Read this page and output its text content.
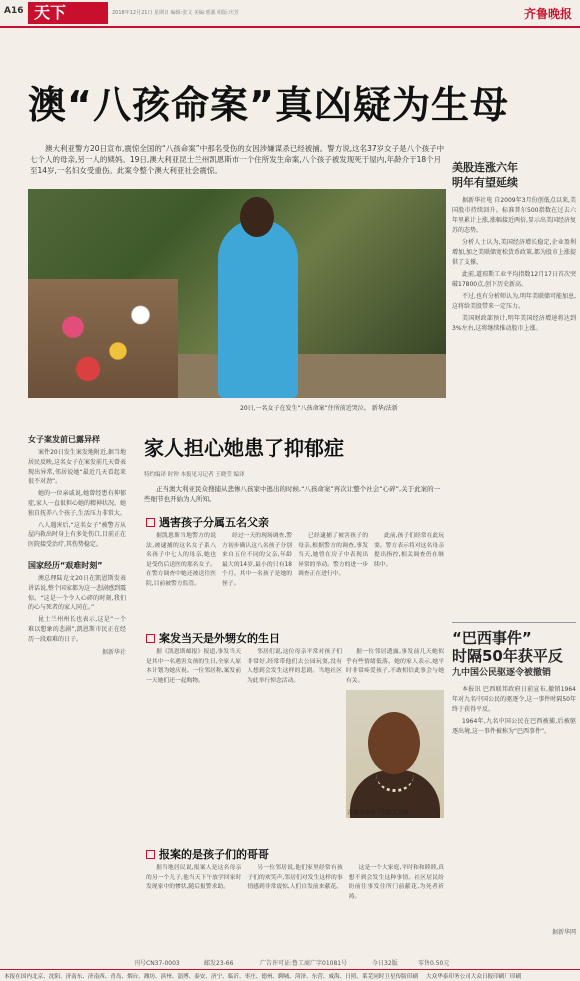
A16 天下	2018年12月21日 星期日 编辑:张文 美编:邢强 组版:庆芳	齐鲁晚报
澳“八孩命案”真凶疑为生母

澳大利亚警方20日宣布,震惊全国的“八孩命案”中那名受伤的女因涉嫌谋杀已经被捕。警方说,这名37岁女子是八个孩子中七个人的母亲,另一人的姨妈。19日,澳大利亚昆士兰州凯恩斯市一个住所发生命案,八个孩子被发现死于屋内,年龄介于18个月至14岁,一名妇女受重伤。此案令整个澳大利亚社会震惊。

20日,一名女子在发生“八孩命案”住所前近哭泣。 新华/法新
女子案发前已露异样

案件20日发生案发地附近,据当地居民反映,这名女子在案发前几天曾表现出异常,邻居说她“最近几天看起来很不对劲”。

她的一位亲戚说,她曾经患有抑郁症,家人一直很担心她的精神状况。她独自抚养八个孩子,生活压力非常大。

八人遇害后,“这名女子”被警方从屋内救出时身上有多处伤口,目前正在医院接受治疗,其伤势稳定。

国家经历“艰难时刻”

澳总理陆克文20日在凯恩斯发表讲话说,整个国家都为这一悲剧感到震惊。“这是一个令人心碎的时刻,我们的心与死者的家人同在。”

昆士兰州州长也表示,这是“一个难以想象的悲剧”,凯恩斯市民正在经历一段艰难的日子。

据新华社
家人担心她患了抑郁症
特约编译 时钟 本报见习记者 王晓莹 编译

正当澳大利亚民众搜捕从悲惨八孩家中逃出的时候,“八孩命案”再次让整个社会“心碎”,关于此案的一些细节也开始为人所知。

遇害孩子分属五名父亲
据凯恩斯当地警方的说法,被逮捕的这名女子系八名孩子中七人的母亲,她也是受伤后送医的那名女子。在警方调查中她还被送往医院,目前被警方监管。
经过一天的现场调查,警方初步确认这八名孩子分别来自五位不同的父亲,年龄最大的14岁,最小的只有18个月。其中一名孩子是她的侄子。
已经逮捕了被害孩子的母亲,根据警方的调查,事发当天,她曾在房子中表现出异常的举动。警方的进一步调查正在进行中。
此前,孩子们经常在此玩耍。警方表示将对这名母亲提出指控,相关调查仍在继续中。
案发当天是外甥女的生日
据《凯恩斯邮报》报道,事发当天是其中一名遇害女孩的生日,全家人原本计划为她庆祝。一位邻居称,案发前一天她们还一起购物。
邻居们说,这位母亲平常对孩子们非常好,经常带他们去公园玩耍,没有人想到会发生这样的悲剧。当地社区为此举行悼念活动。
据一位邻居透露,事发前几天她似乎有些情绪低落。她的家人表示,她平时非常疼爱孩子,不敢相信此事会与她有关。
涉嫌谋杀孩子们的瓦尼娜
报案的是孩子们的哥哥
据当地居民说,报案人是这名母亲的另一个儿子,他当天下午放学回家时发现家中的惨状,随后报警求助。
另一位邻居说,他们家里经常有孩子们的欢笑声,邻居们对发生这样的事情感到非常震惊,人们自发前来献花。
这是一个大家庭,平时和和睦睦,真想不到会发生这种事情。社区居民纷纷前往事发住所门前献花,为死者祈祷。
美股连涨六年
明年有望延续

据新华社电 自2009年3月份创低点以来,美国股市持续回升。标准普尔500指数在过去六年里累计上涨,涨幅接近两倍,显示出美国经济复苏的态势。

分析人士认为,美国经济增长稳定,企业盈利增加,加之美联储宽松货币政策,都为股市上涨提供了支撑。

此前,道琼斯工业平均指数12月17日首次突破17800点,创下历史新高。

不过,也有分析师认为,明年美联储可能加息,这将给美股带来一定压力。

美国财政部预计,明年美国经济增速将达到3%左右,这将继续推动股市上涨。

“巴西事件”
时隔50年获平反
九中国公民驱逐令被撤销

本报讯 巴西联邦政府日前宣布,撤销1964年对九名中国公民的驱逐令,这一事件时隔50年终于获得平反。

1964年,九名中国公民在巴西被捕,后被驱逐出境,这一事件被称为“巴西事件”。

据新华网
刊号CN37-0003	邮发23-66	广告许可证:鲁工商广字01081号	今日32版	零售0.50元
本报在国内北京、沈阳、济南东、济南西、青岛、烟台、潍坊、滨州、淄博、泰安、济宁、临沂、枣庄、德州、聊城、菏泽、东营、威海、日照、莱芜同时卫星传版印刷	大众华泰印务公司大众日报印刷厂印刷
